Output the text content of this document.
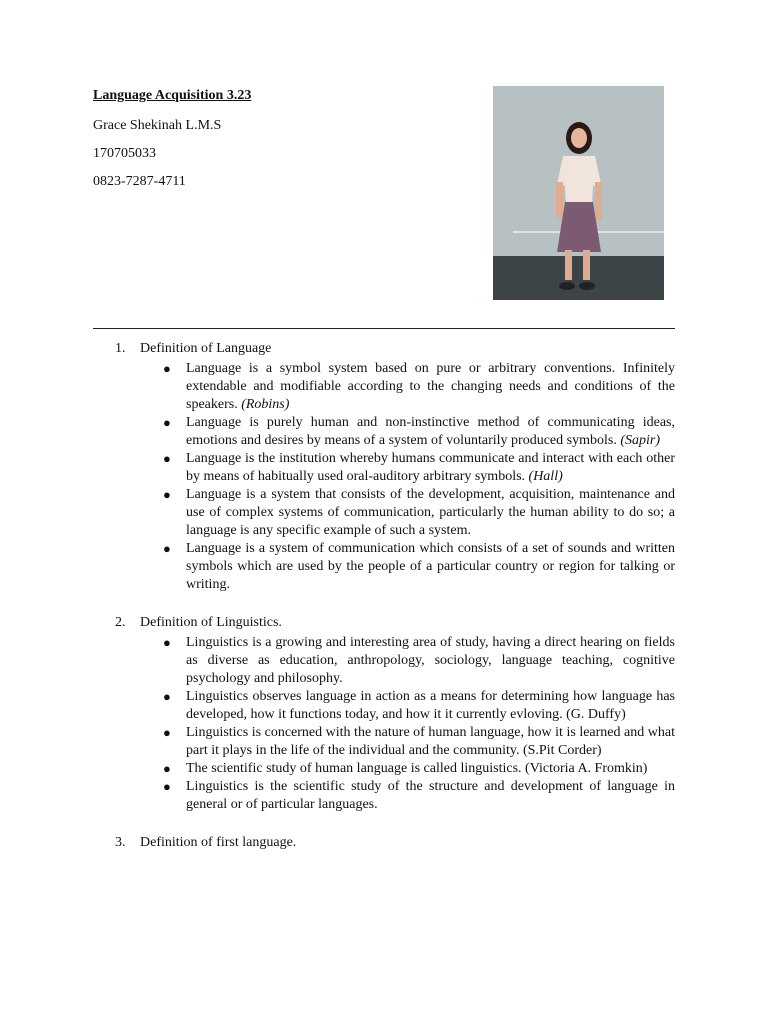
Language Acquisition 3.23
Grace Shekinah L.M.S
170705033
0823-7287-4711
1. Definition of Language
● Language is a symbol system based on pure or arbitrary conventions. Infinitely extendable and modifiable according to the changing needs and conditions of the speakers. (Robins)
● Language is purely human and non-instinctive method of communicating ideas, emotions and desires by means of a system of voluntarily produced symbols. (Sapir)
● Language is the institution whereby humans communicate and interact with each other by means of habitually used oral-auditory arbitrary symbols. (Hall)
● Language is a system that consists of the development, acquisition, maintenance and use of complex systems of communication, particularly the human ability to do so; a language is any specific example of such a system.
● Language is a system of communication which consists of a set of sounds and written symbols which are used by the people of a particular country or region for talking or writing.
2. Definition of Linguistics.
● Linguistics is a growing and interesting area of study, having a direct hearing on fields as diverse as education, anthropology, sociology, language teaching, cognitive psychology and philosophy.
● Linguistics observes language in action as a means for determining how language has developed, how it functions today, and how it it currently evloving. (G. Duffy)
● Linguistics is concerned with the nature of human language, how it is learned and what part it plays in the life of the individual and the community. (S.Pit Corder)
● The scientific study of human language is called linguistics. (Victoria A. Fromkin)
● Linguistics is the scientific study of the structure and development of language in general or of particular languages.
3. Definition of first language.
